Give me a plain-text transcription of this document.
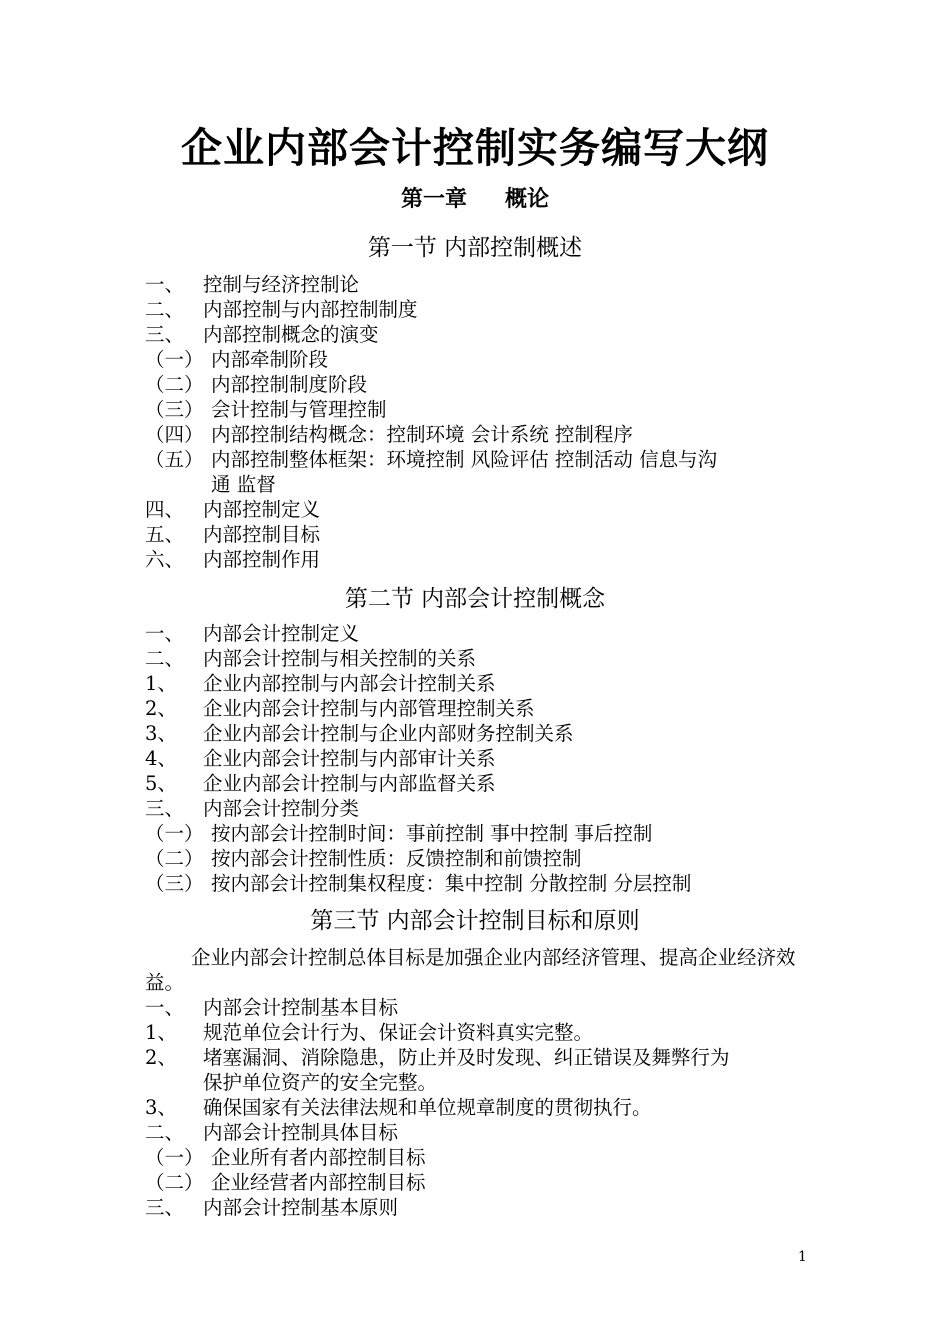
企业内部会计控制实务编写大纲
第一章 概论
第一节 内部控制概述
一、 控制与经济控制论
二、 内部控制与内部控制制度
三、 内部控制概念的演变
（一） 内部牵制阶段
（二） 内部控制制度阶段
（三） 会计控制与管理控制
（四） 内部控制结构概念：控制环境 会计系统 控制程序
（五） 内部控制整体框架：环境控制 风险评估 控制活动 信息与沟
通 监督
四、 内部控制定义
五、 内部控制目标
六、 内部控制作用
第二节 内部会计控制概念
一、 内部会计控制定义
二、 内部会计控制与相关控制的关系
1、 企业内部控制与内部会计控制关系
2、 企业内部会计控制与内部管理控制关系
3、 企业内部会计控制与企业内部财务控制关系
4、 企业内部会计控制与内部审计关系
5、 企业内部会计控制与内部监督关系
三、 内部会计控制分类
（一） 按内部会计控制时间：事前控制 事中控制 事后控制
（二） 按内部会计控制性质：反馈控制和前馈控制
（三） 按内部会计控制集权程度：集中控制 分散控制 分层控制
第三节 内部会计控制目标和原则
企业内部会计控制总体目标是加强企业内部经济管理、提高企业经济效益。
一、 内部会计控制基本目标
1、 规范单位会计行为、保证会计资料真实完整。
2、 堵塞漏洞、消除隐患，防止并及时发现、纠正错误及舞弊行为
保护单位资产的安全完整。
3、 确保国家有关法律法规和单位规章制度的贯彻执行。
二、 内部会计控制具体目标
（一） 企业所有者内部控制目标
（二） 企业经营者内部控制目标
三、 内部会计控制基本原则
1
